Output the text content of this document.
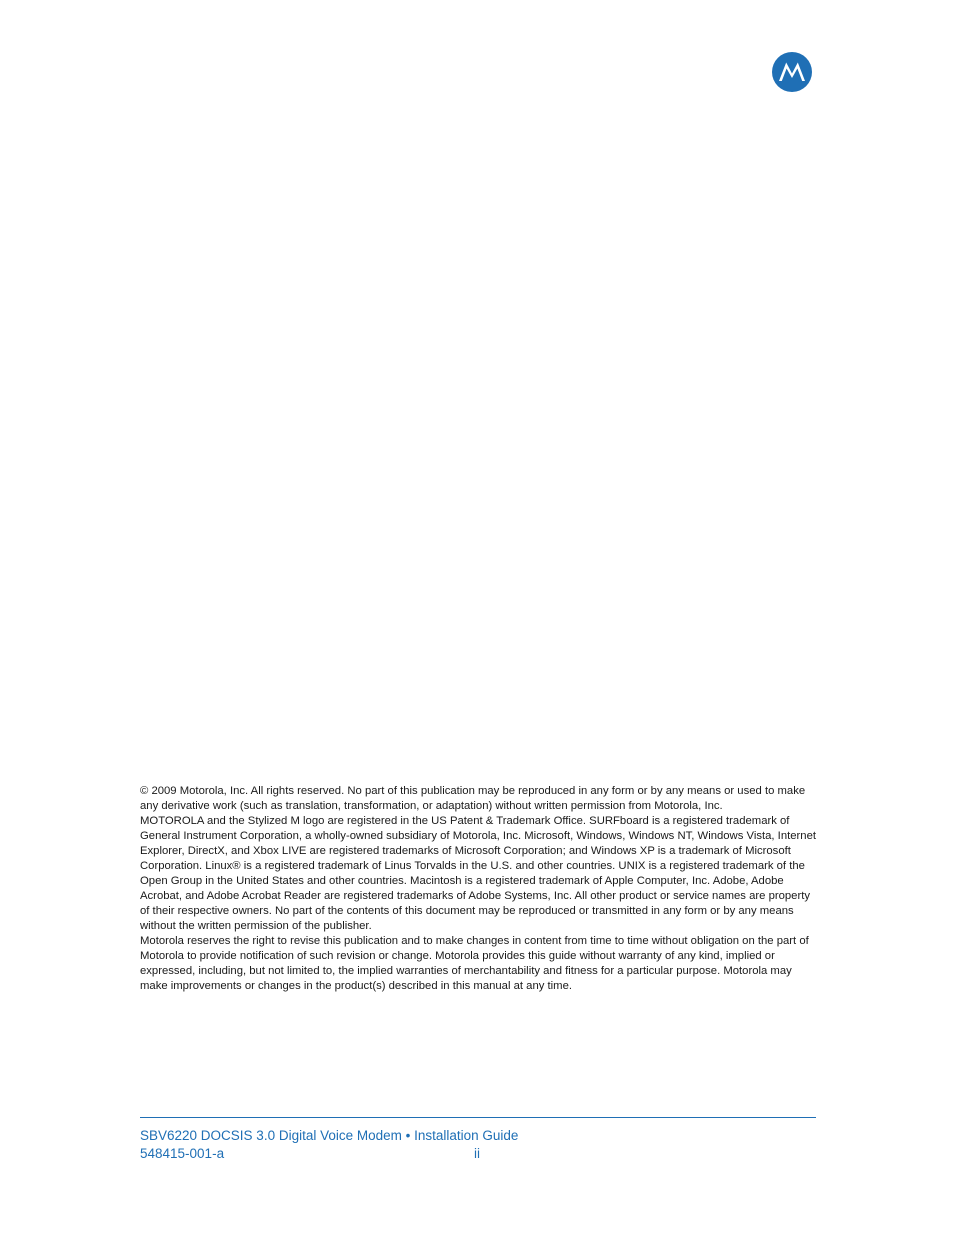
© 2009 Motorola, Inc. All rights reserved. No part of this publication may be reproduced in any form or by any means or used to make any derivative work (such as translation, transformation, or adaptation) without written permission from Motorola, Inc.

MOTOROLA and the Stylized M logo are registered in the US Patent & Trademark Office. SURFboard is a registered trademark of General Instrument Corporation, a wholly-owned subsidiary of Motorola, Inc. Microsoft, Windows, Windows NT, Windows Vista, Internet Explorer, DirectX, and Xbox LIVE are registered trademarks of Microsoft Corporation; and Windows XP is a trademark of Microsoft Corporation. Linux® is a registered trademark of Linus Torvalds in the U.S. and other countries. UNIX is a registered trademark of the Open Group in the United States and other countries. Macintosh is a registered trademark of Apple Computer, Inc. Adobe, Adobe Acrobat, and Adobe Acrobat Reader are registered trademarks of Adobe Systems, Inc. All other product or service names are property of their respective owners. No part of the contents of this document may be reproduced or transmitted in any form or by any means without the written permission of the publisher.

Motorola reserves the right to revise this publication and to make changes in content from time to time without obligation on the part of Motorola to provide notification of such revision or change. Motorola provides this guide without warranty of any kind, implied or expressed, including, but not limited to, the implied warranties of merchantability and fitness for a particular purpose. Motorola may make improvements or changes in the product(s) described in this manual at any time.

SBV6220 DOCSIS 3.0 Digital Voice Modem • Installation Guide
548415-001-a	ii
